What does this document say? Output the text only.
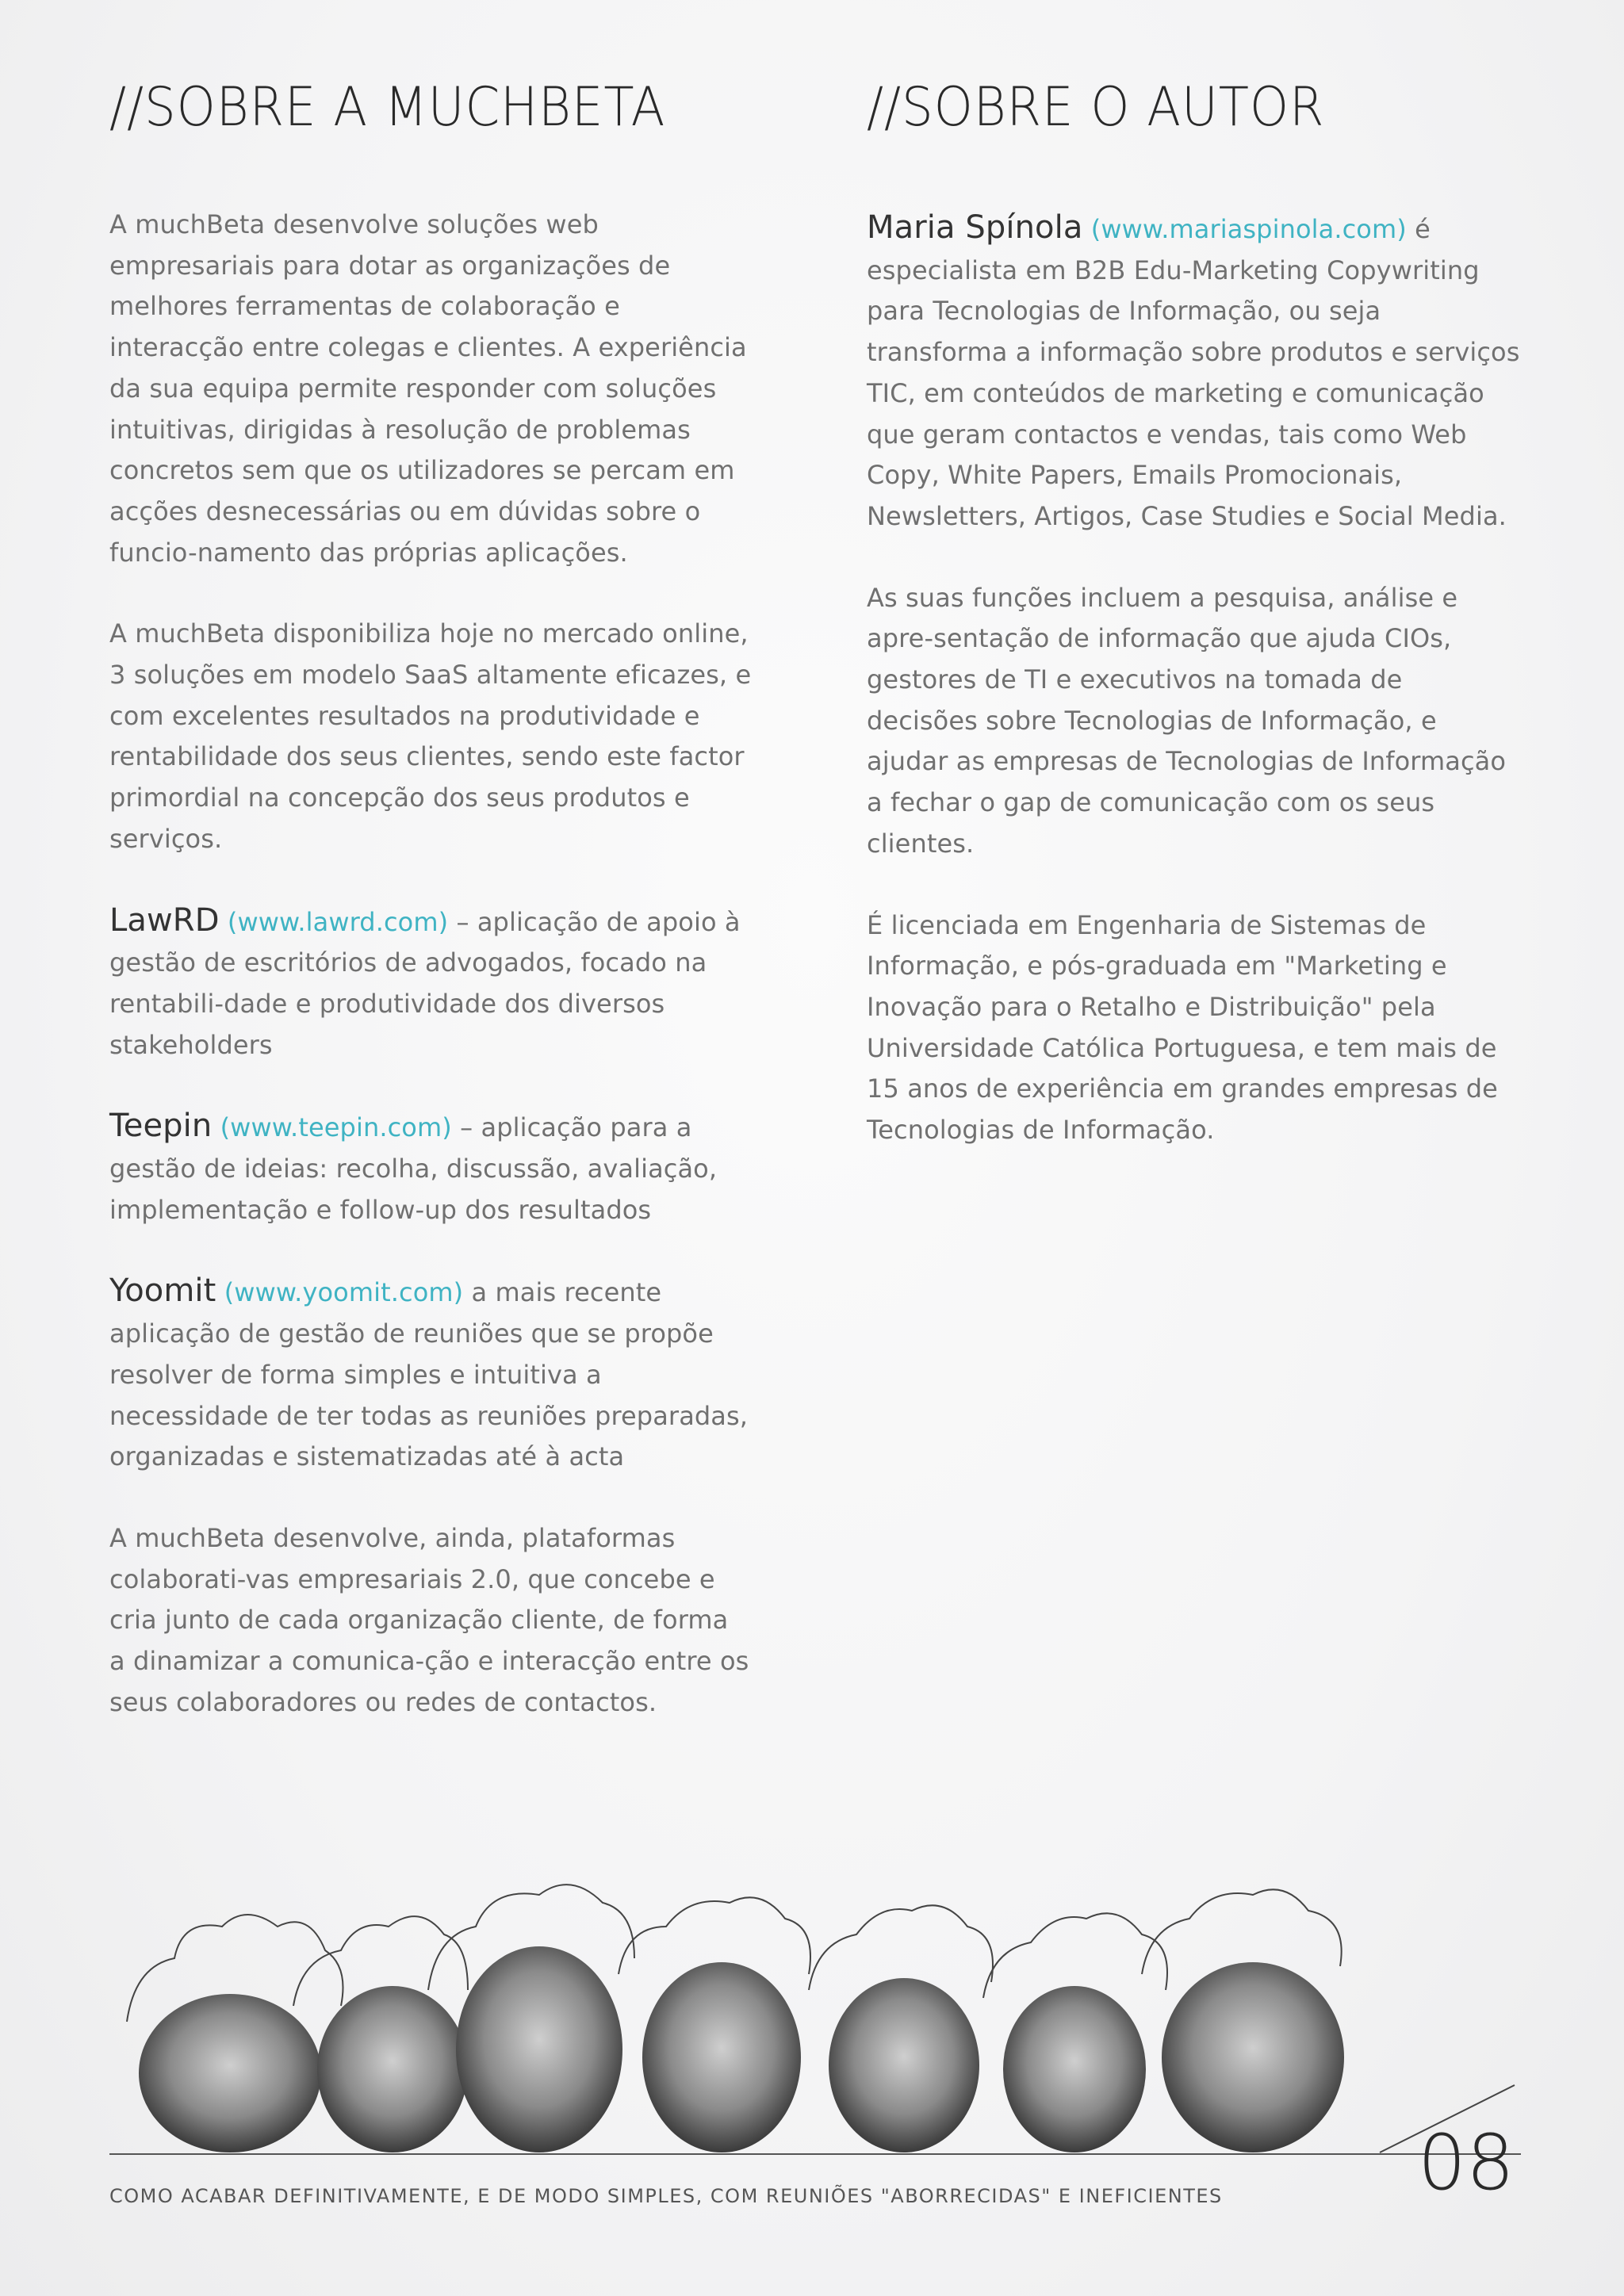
//SOBRE A MUCHBETA

A muchBeta desenvolve soluções web empresariais para dotar as organizações de melhores ferramentas de colaboração e interacção entre colegas e clientes. A experiência da sua equipa permite responder com soluções intuitivas, dirigidas à resolução de problemas concretos sem que os utilizadores se percam em acções desnecessárias ou em dúvidas sobre o funcio-namento das próprias aplicações.

A muchBeta disponibiliza hoje no mercado online, 3 soluções em modelo SaaS altamente eficazes, e com excelentes resultados na produtividade e rentabilidade dos seus clientes, sendo este factor primordial na concepção dos seus produtos e serviços.

LawRD (www.lawrd.com) – aplicação de apoio à gestão de escritórios de advogados, focado na rentabili-dade e produtividade dos diversos stakeholders

Teepin (www.teepin.com) – aplicação para a gestão de ideias: recolha, discussão, avaliação, implementação e follow-up dos resultados

Yoomit (www.yoomit.com) a mais recente aplicação de gestão de reuniões que se propõe resolver de forma simples e intuitiva a necessidade de ter todas as reuniões preparadas, organizadas e sistematizadas até à acta

A muchBeta desenvolve, ainda, plataformas colaborati-vas empresariais 2.0, que concebe e cria junto de cada organização cliente, de forma a dinamizar a comunica-ção e interacção entre os seus colaboradores ou redes de contactos.

//SOBRE O AUTOR

Maria Spínola (www.mariaspinola.com) é especialista em B2B Edu-Marketing Copywriting para Tecnologias de Informação, ou seja transforma a informação sobre produtos e serviços TIC, em conteúdos de marketing e comunicação que geram contactos e vendas, tais como Web Copy, White Papers, Emails Promocionais, Newsletters, Artigos, Case Studies e Social Media.

As suas funções incluem a pesquisa, análise e apre-sentação de informação que ajuda CIOs, gestores de TI e executivos na tomada de decisões sobre Tecnologias de Informação, e ajudar as empresas de Tecnologias de Informação a fechar o gap de comunicação com os seus clientes.

É licenciada em Engenharia de Sistemas de Informação, e pós-graduada em "Marketing e Inovação para o Retalho e Distribuição" pela Universidade Católica Portuguesa, e tem mais de 15 anos de experiência em grandes empresas de Tecnologias de Informação.

COMO ACABAR DEFINITIVAMENTE, E DE MODO SIMPLES, COM REUNIÕES "ABORRECIDAS" E INEFICIENTES	08
